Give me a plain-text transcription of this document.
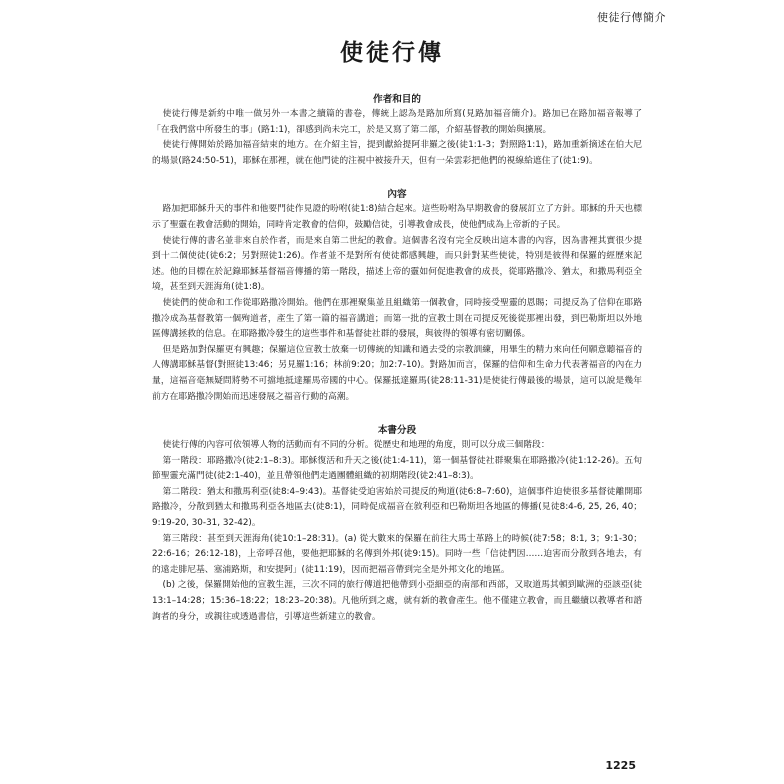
使徒行傳簡介
使徒行傳
作者和目的

使徒行傳是新約中唯一做另外一本書之續篇的書卷，傳統上認為是路加所寫(見路加福音簡介)。路加已在路加福音報導了「在我們當中所發生的事」(路1:1)，卻感到尚未完工，於是又寫了第二部，介紹基督教的開始與擴展。

使徒行傳開始於路加福音結束的地方。在介紹主旨，提到獻給提阿非羅之後(徒1:1-3；對照路1:1)，路加重新摘述在伯大尼的場景(路24:50-51)，耶穌在那裡，就在他門徒的注視中被接升天，但有一朵雲彩把他們的視線給遮住了(徒1:9)。

內容

路加把耶穌升天的事件和他要門徒作見證的吩咐(徒1:8)結合起來。這些吩咐為早期教會的發展訂立了方針。耶穌的升天也標示了聖靈在教會活動的開始，同時肯定教會的信仰，鼓勵信徒，引導教會成長，使他們成為上帝新的子民。

使徒行傳的書名並非來自於作者，而是來自第二世紀的教會。這個書名沒有完全反映出這本書的內容，因為書裡其實很少提到十二個使徒(徒6:2；另對照徒1:26)。作者並不是對所有使徒都感興趣，而只針對某些使徒，特別是彼得和保羅的經歷來記述。他的目標在於記錄耶穌基督福音傳播的第一階段，描述上帝的靈如何促進教會的成長，從耶路撒冷、猶太，和撒馬利亞全境，甚至到天涯海角(徒1:8)。

使徒們的使命和工作從耶路撒冷開始。他們在那裡聚集並且組織第一個教會，同時接受聖靈的恩賜；司提反為了信仰在耶路撒冷成為基督教第一個殉道者，產生了第一篇的福音講道；而第一批的宣教士則在司提反死後從那裡出發，到巴勒斯坦以外地區傳講拯救的信息。在耶路撒冷發生的這些事件和基督徒社群的發展，與彼得的領導有密切關係。

但是路加對保羅更有興趣；保羅這位宣教士放棄一切傳統的知識和過去受的宗教訓練，用畢生的精力來向任何願意聽福音的人傳講耶穌基督(對照徒13:46；另見羅1:16；林前9:20；加2:7-10)。對路加而言，保羅的信仰和生命力代表著福音的內在力量，這福音毫無疑問將勢不可擋地抵達羅馬帝國的中心。保羅抵達羅馬(徒28:11-31)是使徒行傳最後的場景，這可以說是幾年前方在耶路撒冷開始而迅速發展之福音行動的高潮。

本書分段

使徒行傳的內容可依領導人物的活動而有不同的分析。從歷史和地理的角度，則可以分成三個階段：

第一階段：耶路撒冷(徒2:1–8:3)。耶穌復活和升天之後(徒1:4-11)，第一個基督徒社群聚集在耶路撒冷(徒1:12-26)。五旬節聖靈充滿門徒(徒2:1-40)，並且帶領他們走過團體組織的初期階段(徒2:41–8:3)。

第二階段：猶太和撒馬利亞(徒8:4–9:43)。基督徒受迫害始於司提反的殉道(徒6:8–7:60)，這個事件迫使很多基督徒離開耶路撒冷，分散到猶太和撒馬利亞各地區去(徒8:1)，同時促成福音在敘利亞和巴勒斯坦各地區的傳播(見徒8:4-6, 25, 26, 40；9:19-20, 30-31, 32-42)。

第三階段：甚至到天涯海角(徒10:1–28:31)。(a) 從大數來的保羅在前往大馬士革路上的時候(徒7:58；8:1, 3；9:1-30；22:6-16；26:12-18)，上帝呼召他，要他把耶穌的名傳到外邦(徒9:15)。同時一些「信徒們因……迫害而分散到各地去，有的遠走腓尼基、塞浦路斯，和安提阿」(徒11:19)，因而把福音帶到完全是外邦文化的地區。

(b) 之後，保羅開始他的宣教生涯，三次不同的旅行傳道把他帶到小亞細亞的南部和西部，又取道馬其頓到歐洲的亞該亞(徒13:1–14:28；15:36–18:22；18:23–20:38)。凡他所到之處，就有新的教會產生。他不僅建立教會，而且繼續以教導者和諮詢者的身分，或親往或透過書信，引導這些新建立的教會。

1225
